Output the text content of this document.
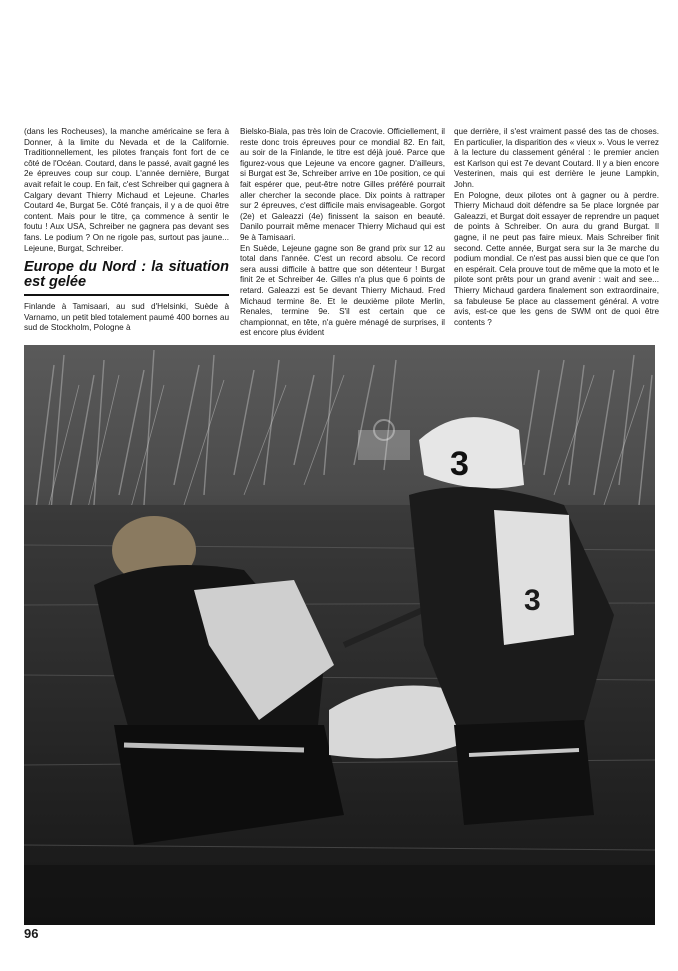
(dans les Rocheuses), la manche américaine se fera à Donner, à la limite du Nevada et de la Californie. Traditionnellement, les pilotes français font fort de ce côté de l'Océan. Coutard, dans le passé, avait gagné les 2e épreuves coup sur coup. L'année dernière, Burgat avait refait le coup. En fait, c'est Schreiber qui gagnera à Calgary devant Thierry Michaud et Lejeune. Charles Coutard 4e, Burgat 5e. Côté français, il y a de quoi être content. Mais pour le titre, ça commence à sentir le foutu ! Aux USA, Schreiber ne gagnera pas devant ses fans. Le podium ? On ne rigole pas, surtout pas jaune... Lejeune, Burgat, Schreiber.

Europe du Nord : la situation est gelée

Finlande à Tamisaari, au sud d'Helsinki, Suède à Varnamo, un petit bled totalement paumé 400 bornes au sud de Stockholm, Pologne à

Bielsko-Biala, pas très loin de Cracovie. Officiellement, il reste donc trois épreuves pour ce mondial 82. En fait, au soir de la Finlande, le titre est déjà joué. Parce que figurez-vous que Lejeune va encore gagner. D'ailleurs, si Burgat est 3e, Schreiber arrive en 10e position, ce qui fait espérer que, peut-être notre Gilles préféré pourrait aller chercher la seconde place. Dix points à rattraper sur 2 épreuves, c'est difficile mais envisageable. Gorgot (2e) et Galeazzi (4e) finissent la saison en beauté. Danilo pourrait même menacer Thierry Michaud qui est 9e à Tamisaari.

En Suède, Lejeune gagne son 8e grand prix sur 12 au total dans l'année. C'est un record absolu. Ce record sera aussi difficile à battre que son détenteur ! Burgat finit 2e et Schreiber 4e. Gilles n'a plus que 6 points de retard. Galeazzi est 5e devant Thierry Michaud. Fred Michaud termine 8e. Et le deuxième pilote Merlin, Renales, termine 9e. S'il est certain que ce championnat, en tête, n'a guère ménagé de surprises, il est encore plus évident

que derrière, il s'est vraiment passé des tas de choses. En particulier, la disparition des « vieux ». Vous le verrez à la lecture du classement général : le premier ancien est Karlson qui est 7e devant Coutard. Il y a bien encore Vesterinen, mais qui est derrière le jeune Lampkin, John.

En Pologne, deux pilotes ont à gagner ou à perdre. Thierry Michaud doit défendre sa 5e place lorgnée par Galeazzi, et Burgat doit essayer de reprendre un paquet de points à Schreiber. On aura du grand Burgat. Il gagne, il ne peut pas faire mieux. Mais Schreiber finit second. Cette année, Burgat sera sur la 3e marche du podium mondial. Ce n'est pas aussi bien que ce que l'on en espérait. Cela prouve tout de même que la moto et le pilote sont prêts pour un grand avenir : wait and see... Thierry Michaud gardera finalement son extraordinaire, sa fabuleuse 5e place au classement général. A votre avis, est-ce que les gens de SWM ont de quoi être contents ?

3
3
96
